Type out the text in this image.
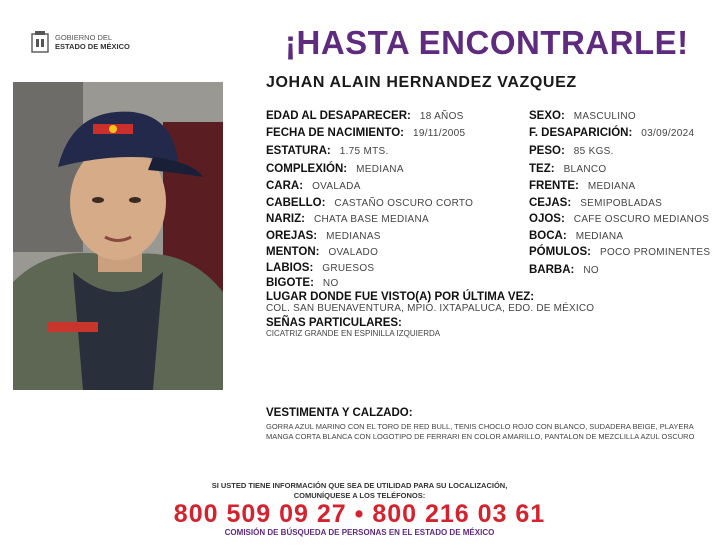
GOBIERNO DEL
ESTADO DE MÉXICO	¡HASTA ENCONTRARLE!
JOHAN ALAIN HERNANDEZ VAZQUEZ
EDAD AL DESAPARECER: 18 AÑOS
FECHA DE NACIMIENTO: 19/11/2005
ESTATURA: 1.75 MTS.
COMPLEXIÓN: MEDIANA
CARA: OVALADA
CABELLO: CASTAÑO OSCURO CORTO
NARIZ: CHATA BASE MEDIANA
OREJAS: MEDIANAS
MENTON: OVALADO
LABIOS: GRUESOS
BIGOTE: NO
SEXO: MASCULINO
F. DESAPARICIÓN: 03/09/2024
PESO: 85 KGS.
TEZ: BLANCO
FRENTE: MEDIANA
CEJAS: SEMIPOBLADAS
OJOS: CAFE OSCURO MEDIANOS
BOCA: MEDIANA
PÓMULOS: POCO PROMINENTES
BARBA: NO
LUGAR DONDE FUE VISTO(A) POR ÚLTIMA VEZ:
COL. SAN BUENAVENTURA, MPIO. IXTAPALUCA, EDO. DE MÉXICO
SEÑAS PARTICULARES:
CICATRIZ GRANDE EN ESPINILLA IZQUIERDA
VESTIMENTA Y CALZADO:
GORRA AZUL MARINO CON EL TORO DE RED BULL, TENIS CHOCLO ROJO CON BLANCO, SUDADERA BEIGE, PLAYERA MANGA CORTA BLANCA CON LOGOTIPO DE FERRARI EN COLOR AMARILLO, PANTALON DE MEZCLILLA AZUL OSCURO
SI USTED TIENE INFORMACIÓN QUE SEA DE UTILIDAD PARA SU LOCALIZACIÓN,
COMUNÍQUESE A LOS TELÉFONOS:
800 509 09 27 • 800 216 03 61
COMISIÓN DE BÚSQUEDA DE PERSONAS EN EL ESTADO DE MÉXICO
